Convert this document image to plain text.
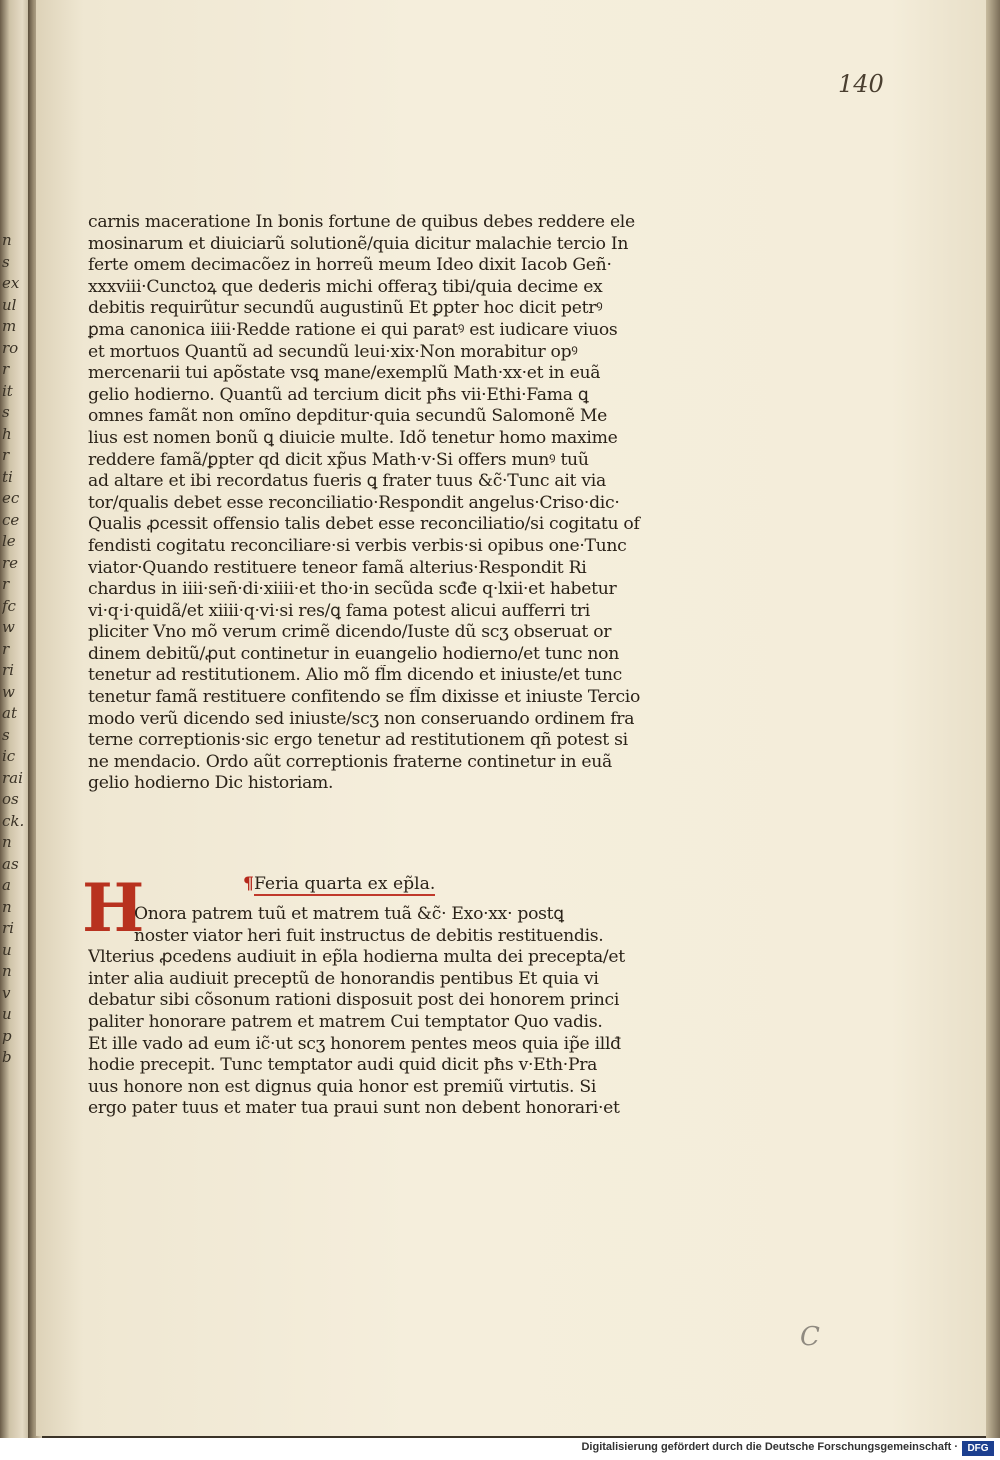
n
s
ex
ul
m
ro
r
it
s
h
r
ti
ec
ce
le
re
r
fc
w
r
ri
w
at
s
ic
rai
os
ck.
n
as
a
n
ri
u
n
v
u
p
b
140
carnis maceratione In bonis fortune de quibus debes reddere ele
mosinarum et diuiciarũ solutionẽ/quia dicitur malachie tercio In
ferte omem decimacõez in horreũ meum Ideo dixit Iacob Geñ·
xxxviii·Cunctoꝝ que dederis michi offeraʒ tibi/quia decime ex
debitis requirũtur secundũ augustinũ Et ꝑpter hoc dicit petrꝰ
ꝑma canonica iiii·Redde ratione ei qui paratꝰ est iudicare viuos
et mortuos Quantũ ad secundũ leui·xix·Non morabitur opꝰ
mercenarii tui apõstate vsꝗ mane/exemplũ Math·xx·et in euã
gelio hodierno. Quantũ ad tercium dicit pħs vii·Ethi·Fama ꝗ
omnes famãt non omĩno depditur·quia secundũ Salomonẽ Me
lius est nomen bonũ ꝗ diuicie multe. Idõ tenetur homo maxime
reddere famã/ꝑpter qd dicit xp̃us Math·v·Si offers munꝰ tuũ
ad altare et ibi recordatus fueris ꝗ frater tuus &c̃·Tunc ait via
tor/qualis debet esse reconciliatio·Respondit angelus·Criso·dic·
Qualis ꝓcessit offensio talis debet esse reconciliatio/si cogitatu of
fendisti cogitatu reconciliare·si verbis verbis·si opibus one·Tunc
viator·Quando restituere teneor famã alterius·Respondit Ri
chardus in iiii·señ·di·xiiii·et tho·in secũda scđe q·lxii·et habetur
vi·q·i·quidã/et xiiii·q·vi·si res/ꝗ fama potest alicui aufferri tri
pliciter Vno mõ verum crimẽ dicendo/Iuste dũ scʒ obseruat or
dinem debitũ/ꝓut continetur in euangelio hodierno/et tunc non
tenetur ad restitutionem. Alio mõ fl̃m dicendo et iniuste/et tunc
tenetur famã restituere confitendo se fl̃m dixisse et iniuste Tercio
modo verũ dicendo sed iniuste/scʒ non conseruando ordinem fra
terne correptionis·sic ergo tenetur ad restitutionem qñ potest si
ne mendacio. Ordo aũt correptionis fraterne continetur in euã
gelio hodierno Dic historiam.
¶Feria quarta ex ep̃la.
H
Onora patrem tuũ et matrem tuã &c̃· Exo·xx· postꝗ
noster viator heri fuit instructus de debitis restituendis.
Vlterius ꝓcedens audiuit in ep̃la hodierna multa dei precepta/et
inter alia audiuit preceptũ de honorandis pentibus Et quia vi
debatur sibi cõsonum rationi disposuit post dei honorem princi
paliter honorare patrem et matrem Cui temptator Quo vadis.
Et ille vado ad eum ic̃·ut scʒ honorem pentes meos quia ip̃e illđ
hodie precepit. Tunc temptator audi quid dicit pħs v·Eth·Pra
uus honore non est dignus quia honor est premiũ virtutis. Si
ergo pater tuus et mater tua praui sunt non debent honorari·et
C
Digitalisierung gefördert durch die Deutsche Forschungsgemeinschaft · DFG
